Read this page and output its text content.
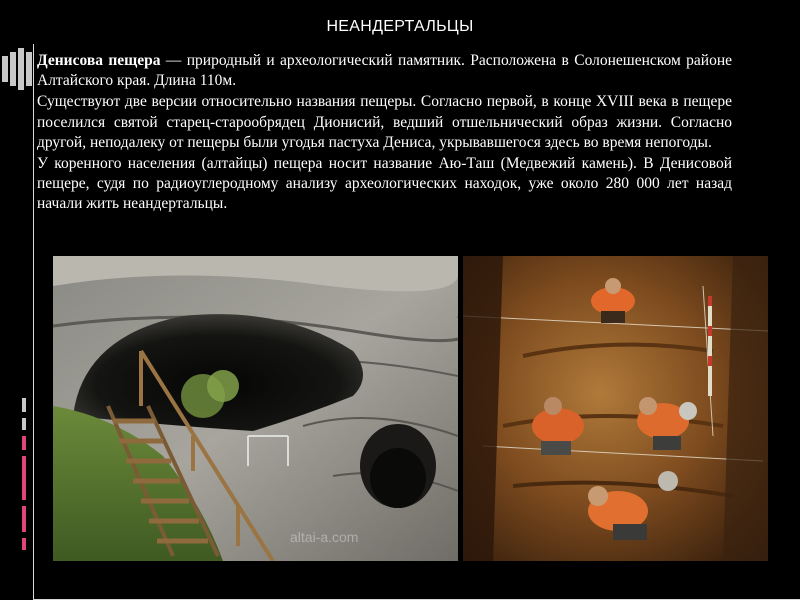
НЕАНДЕРТАЛЬЦЫ

Денисова пещера — природный и археологический памятник. Расположена в Солонешенском районе Алтайского края. Длина 110м.

Существуют две версии относительно названия пещеры. Согласно первой, в конце XVIII века в пещере поселился святой старец-старообрядец Дионисий, ведший отшельнический образ жизни. Согласно другой, неподалеку от пещеры были угодья пастуха Дениса, укрывавшегося здесь во время непогоды.

У коренного населения (алтайцы) пещера носит название Аю-Таш (Медвежий камень). В Денисовой пещере, судя по радиоуглеродному анализу археологических находок, уже около 280 000 лет назад начали жить неандертальцы.

altai-a.com
